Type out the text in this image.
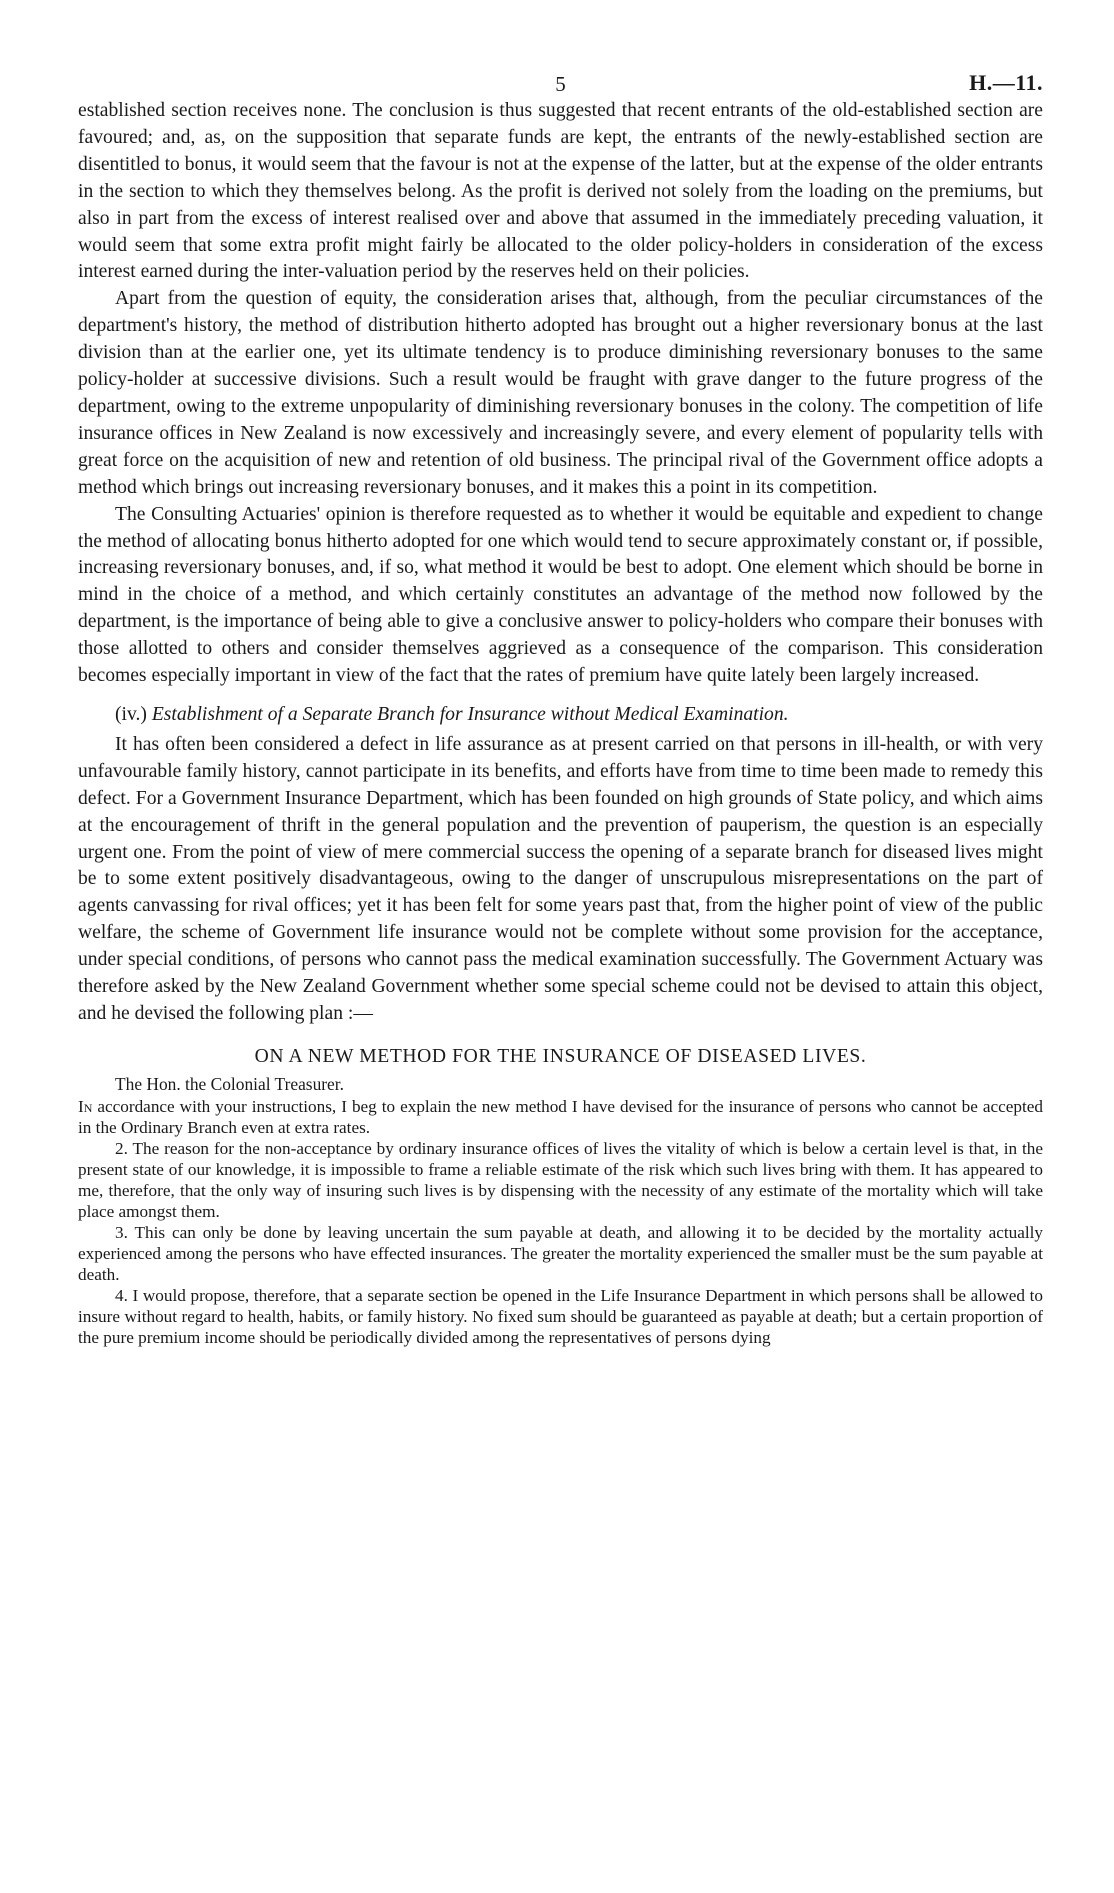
5	H.—11.

established section receives none. The conclusion is thus suggested that recent entrants of the old-established section are favoured; and, as, on the supposition that separate funds are kept, the entrants of the newly-established section are disentitled to bonus, it would seem that the favour is not at the expense of the latter, but at the expense of the older entrants in the section to which they themselves belong. As the profit is derived not solely from the loading on the premiums, but also in part from the excess of interest realised over and above that assumed in the immediately preceding valuation, it would seem that some extra profit might fairly be allocated to the older policy-holders in consideration of the excess interest earned during the inter-valuation period by the reserves held on their policies.

Apart from the question of equity, the consideration arises that, although, from the peculiar circumstances of the department's history, the method of distribution hitherto adopted has brought out a higher reversionary bonus at the last division than at the earlier one, yet its ultimate tendency is to produce diminishing reversionary bonuses to the same policy-holder at successive divisions. Such a result would be fraught with grave danger to the future progress of the department, owing to the extreme unpopularity of diminishing reversionary bonuses in the colony. The competition of life insurance offices in New Zealand is now excessively and increasingly severe, and every element of popularity tells with great force on the acquisition of new and retention of old business. The principal rival of the Government office adopts a method which brings out increasing reversionary bonuses, and it makes this a point in its competition.

The Consulting Actuaries' opinion is therefore requested as to whether it would be equitable and expedient to change the method of allocating bonus hitherto adopted for one which would tend to secure approximately constant or, if possible, increasing reversionary bonuses, and, if so, what method it would be best to adopt. One element which should be borne in mind in the choice of a method, and which certainly constitutes an advantage of the method now followed by the department, is the importance of being able to give a conclusive answer to policy-holders who compare their bonuses with those allotted to others and consider themselves aggrieved as a consequence of the comparison. This consideration becomes especially important in view of the fact that the rates of premium have quite lately been largely increased.

(iv.) Establishment of a Separate Branch for Insurance without Medical Examination.

It has often been considered a defect in life assurance as at present carried on that persons in ill-health, or with very unfavourable family history, cannot participate in its benefits, and efforts have from time to time been made to remedy this defect. For a Government Insurance Department, which has been founded on high grounds of State policy, and which aims at the encouragement of thrift in the general population and the prevention of pauperism, the question is an especially urgent one. From the point of view of mere commercial success the opening of a separate branch for diseased lives might be to some extent positively disadvantageous, owing to the danger of unscrupulous misrepresentations on the part of agents canvassing for rival offices; yet it has been felt for some years past that, from the higher point of view of the public welfare, the scheme of Government life insurance would not be complete without some provision for the acceptance, under special conditions, of persons who cannot pass the medical examination successfully. The Government Actuary was therefore asked by the New Zealand Government whether some special scheme could not be devised to attain this object, and he devised the following plan :—

ON A NEW METHOD FOR THE INSURANCE OF DISEASED LIVES.
The Hon. the Colonial Treasurer.

In accordance with your instructions, I beg to explain the new method I have devised for the insurance of persons who cannot be accepted in the Ordinary Branch even at extra rates.

2. The reason for the non-acceptance by ordinary insurance offices of lives the vitality of which is below a certain level is that, in the present state of our knowledge, it is impossible to frame a reliable estimate of the risk which such lives bring with them. It has appeared to me, therefore, that the only way of insuring such lives is by dispensing with the necessity of any estimate of the mortality which will take place amongst them.

3. This can only be done by leaving uncertain the sum payable at death, and allowing it to be decided by the mortality actually experienced among the persons who have effected insurances. The greater the mortality experienced the smaller must be the sum payable at death.

4. I would propose, therefore, that a separate section be opened in the Life Insurance Department in which persons shall be allowed to insure without regard to health, habits, or family history. No fixed sum should be guaranteed as payable at death; but a certain proportion of the pure premium income should be periodically divided among the representatives of persons dying
